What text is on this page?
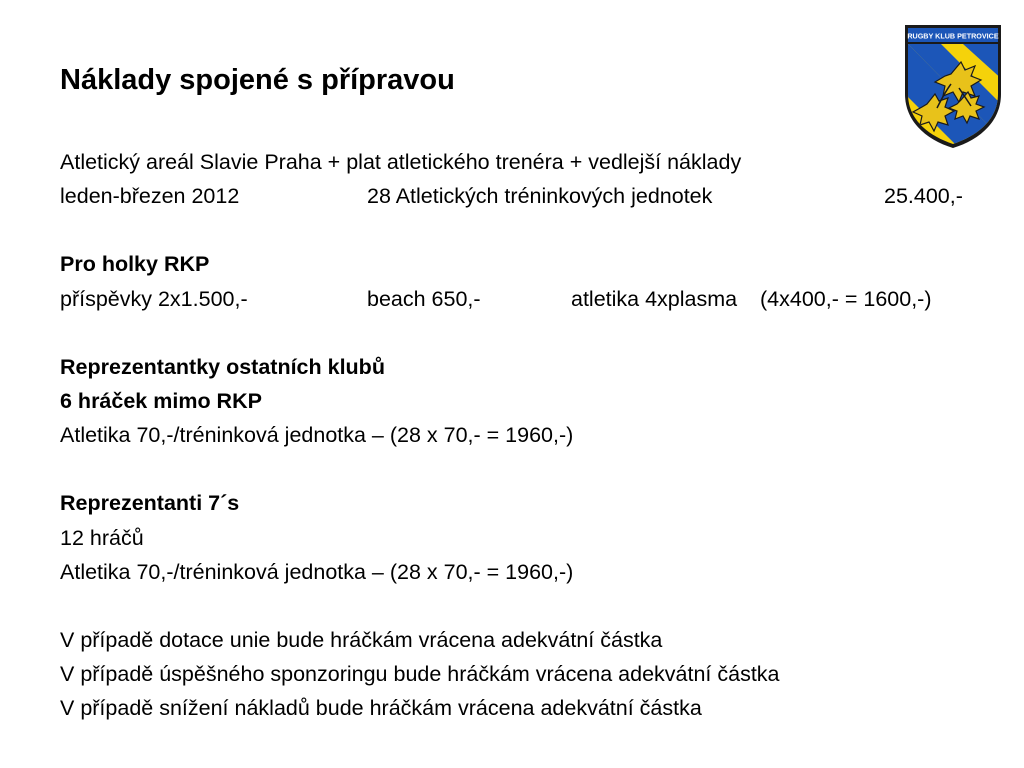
Náklady spojené s přípravou
RUGBY KLUB PETROVICE
Atletický areál Slavie Praha + plat atletického trenéra + vedlejší náklady
leden-březen 2012	28 Atletických tréninkových jednotek	25.400,-
Pro holky RKP
příspěvky 2x1.500,-	beach 650,-	atletika 4xplasma (4x400,- = 1600,-)
Reprezentantky ostatních klubů
6 hráček mimo RKP
Atletika 70,-/tréninková jednotka – (28 x 70,- = 1960,-)
Reprezentanti 7´s
12 hráčů
Atletika 70,-/tréninková jednotka – (28 x 70,- = 1960,-)
V případě dotace unie bude hráčkám vrácena adekvátní částka
V případě úspěšného sponzoringu bude hráčkám vrácena adekvátní částka
V případě snížení nákladů bude hráčkám vrácena adekvátní částka
